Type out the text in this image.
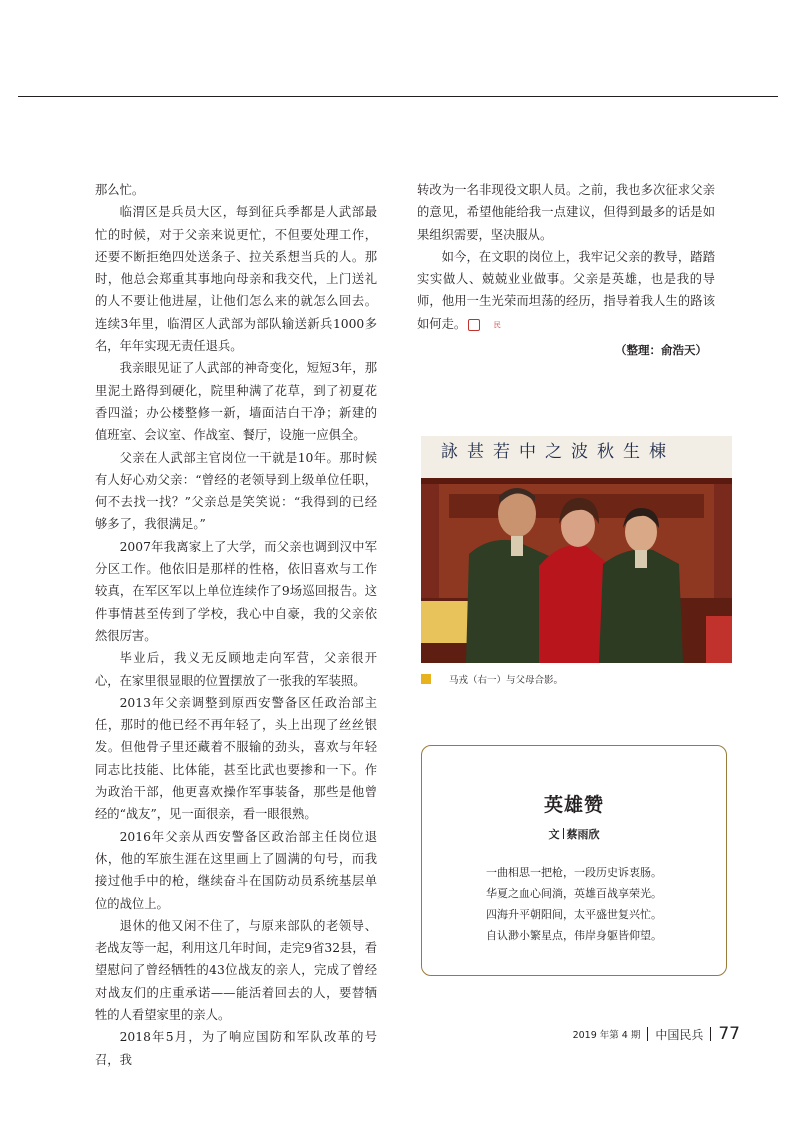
那么忙。

临渭区是兵员大区，每到征兵季都是人武部最忙的时候，对于父亲来说更忙，不但要处理工作，还要不断拒绝四处送条子、拉关系想当兵的人。那时，他总会郑重其事地向母亲和我交代，上门送礼的人不要让他进屋，让他们怎么来的就怎么回去。连续3年里，临渭区人武部为部队输送新兵1000多名，年年实现无责任退兵。

我亲眼见证了人武部的神奇变化，短短3年，那里泥土路得到硬化，院里种满了花草，到了初夏花香四溢；办公楼整修一新，墙面洁白干净；新建的值班室、会议室、作战室、餐厅，设施一应俱全。

父亲在人武部主官岗位一干就是10年。那时候有人好心劝父亲：“曾经的老领导到上级单位任职，何不去找一找？”父亲总是笑笑说：“我得到的已经够多了，我很满足。”

2007年我离家上了大学，而父亲也调到汉中军分区工作。他依旧是那样的性格，依旧喜欢与工作较真，在军区军以上单位连续作了9场巡回报告。这件事情甚至传到了学校，我心中自豪，我的父亲依然很厉害。

毕业后，我义无反顾地走向军营，父亲很开心，在家里很显眼的位置摆放了一张我的军装照。

2013年父亲调整到原西安警备区任政治部主任，那时的他已经不再年轻了，头上出现了丝丝银发。但他骨子里还藏着不服输的劲头，喜欢与年轻同志比技能、比体能，甚至比武也要掺和一下。作为政治干部，他更喜欢操作军事装备，那些是他曾经的“战友”，见一面很亲，看一眼很熟。

2016年父亲从西安警备区政治部主任岗位退休，他的军旅生涯在这里画上了圆满的句号，而我接过他手中的枪，继续奋斗在国防动员系统基层单位的战位上。

退休的他又闲不住了，与原来部队的老领导、老战友等一起，利用这几年时间，走完9省32县，看望慰问了曾经牺牲的43位战友的亲人，完成了曾经对战友们的庄重承诺——能活着回去的人，要替牺牲的人看望家里的亲人。

2018年5月，为了响应国防和军队改革的号召，我

转改为一名非现役文职人员。之前，我也多次征求父亲的意见，希望他能给我一点建议，但得到最多的话是如果组织需要，坚决服从。

如今，在文职的岗位上，我牢记父亲的教导，踏踏实实做人、兢兢业业做事。父亲是英雄，也是我的导师，他用一生光荣而坦荡的经历，指导着我人生的路该如何走。	民

（整理：俞浩天）
詠甚若中之波秋生棟
马戎（右一）与父母合影。
英雄赞
文 蔡雨欣
一曲相思一把枪，一段历史诉衷肠。
华夏之血心间淌，英雄百战享荣光。
四海升平朝阳间，太平盛世复兴忙。
自认渺小繁星点，伟岸身躯皆仰望。
2019 年第 4 期 中国民兵 77
